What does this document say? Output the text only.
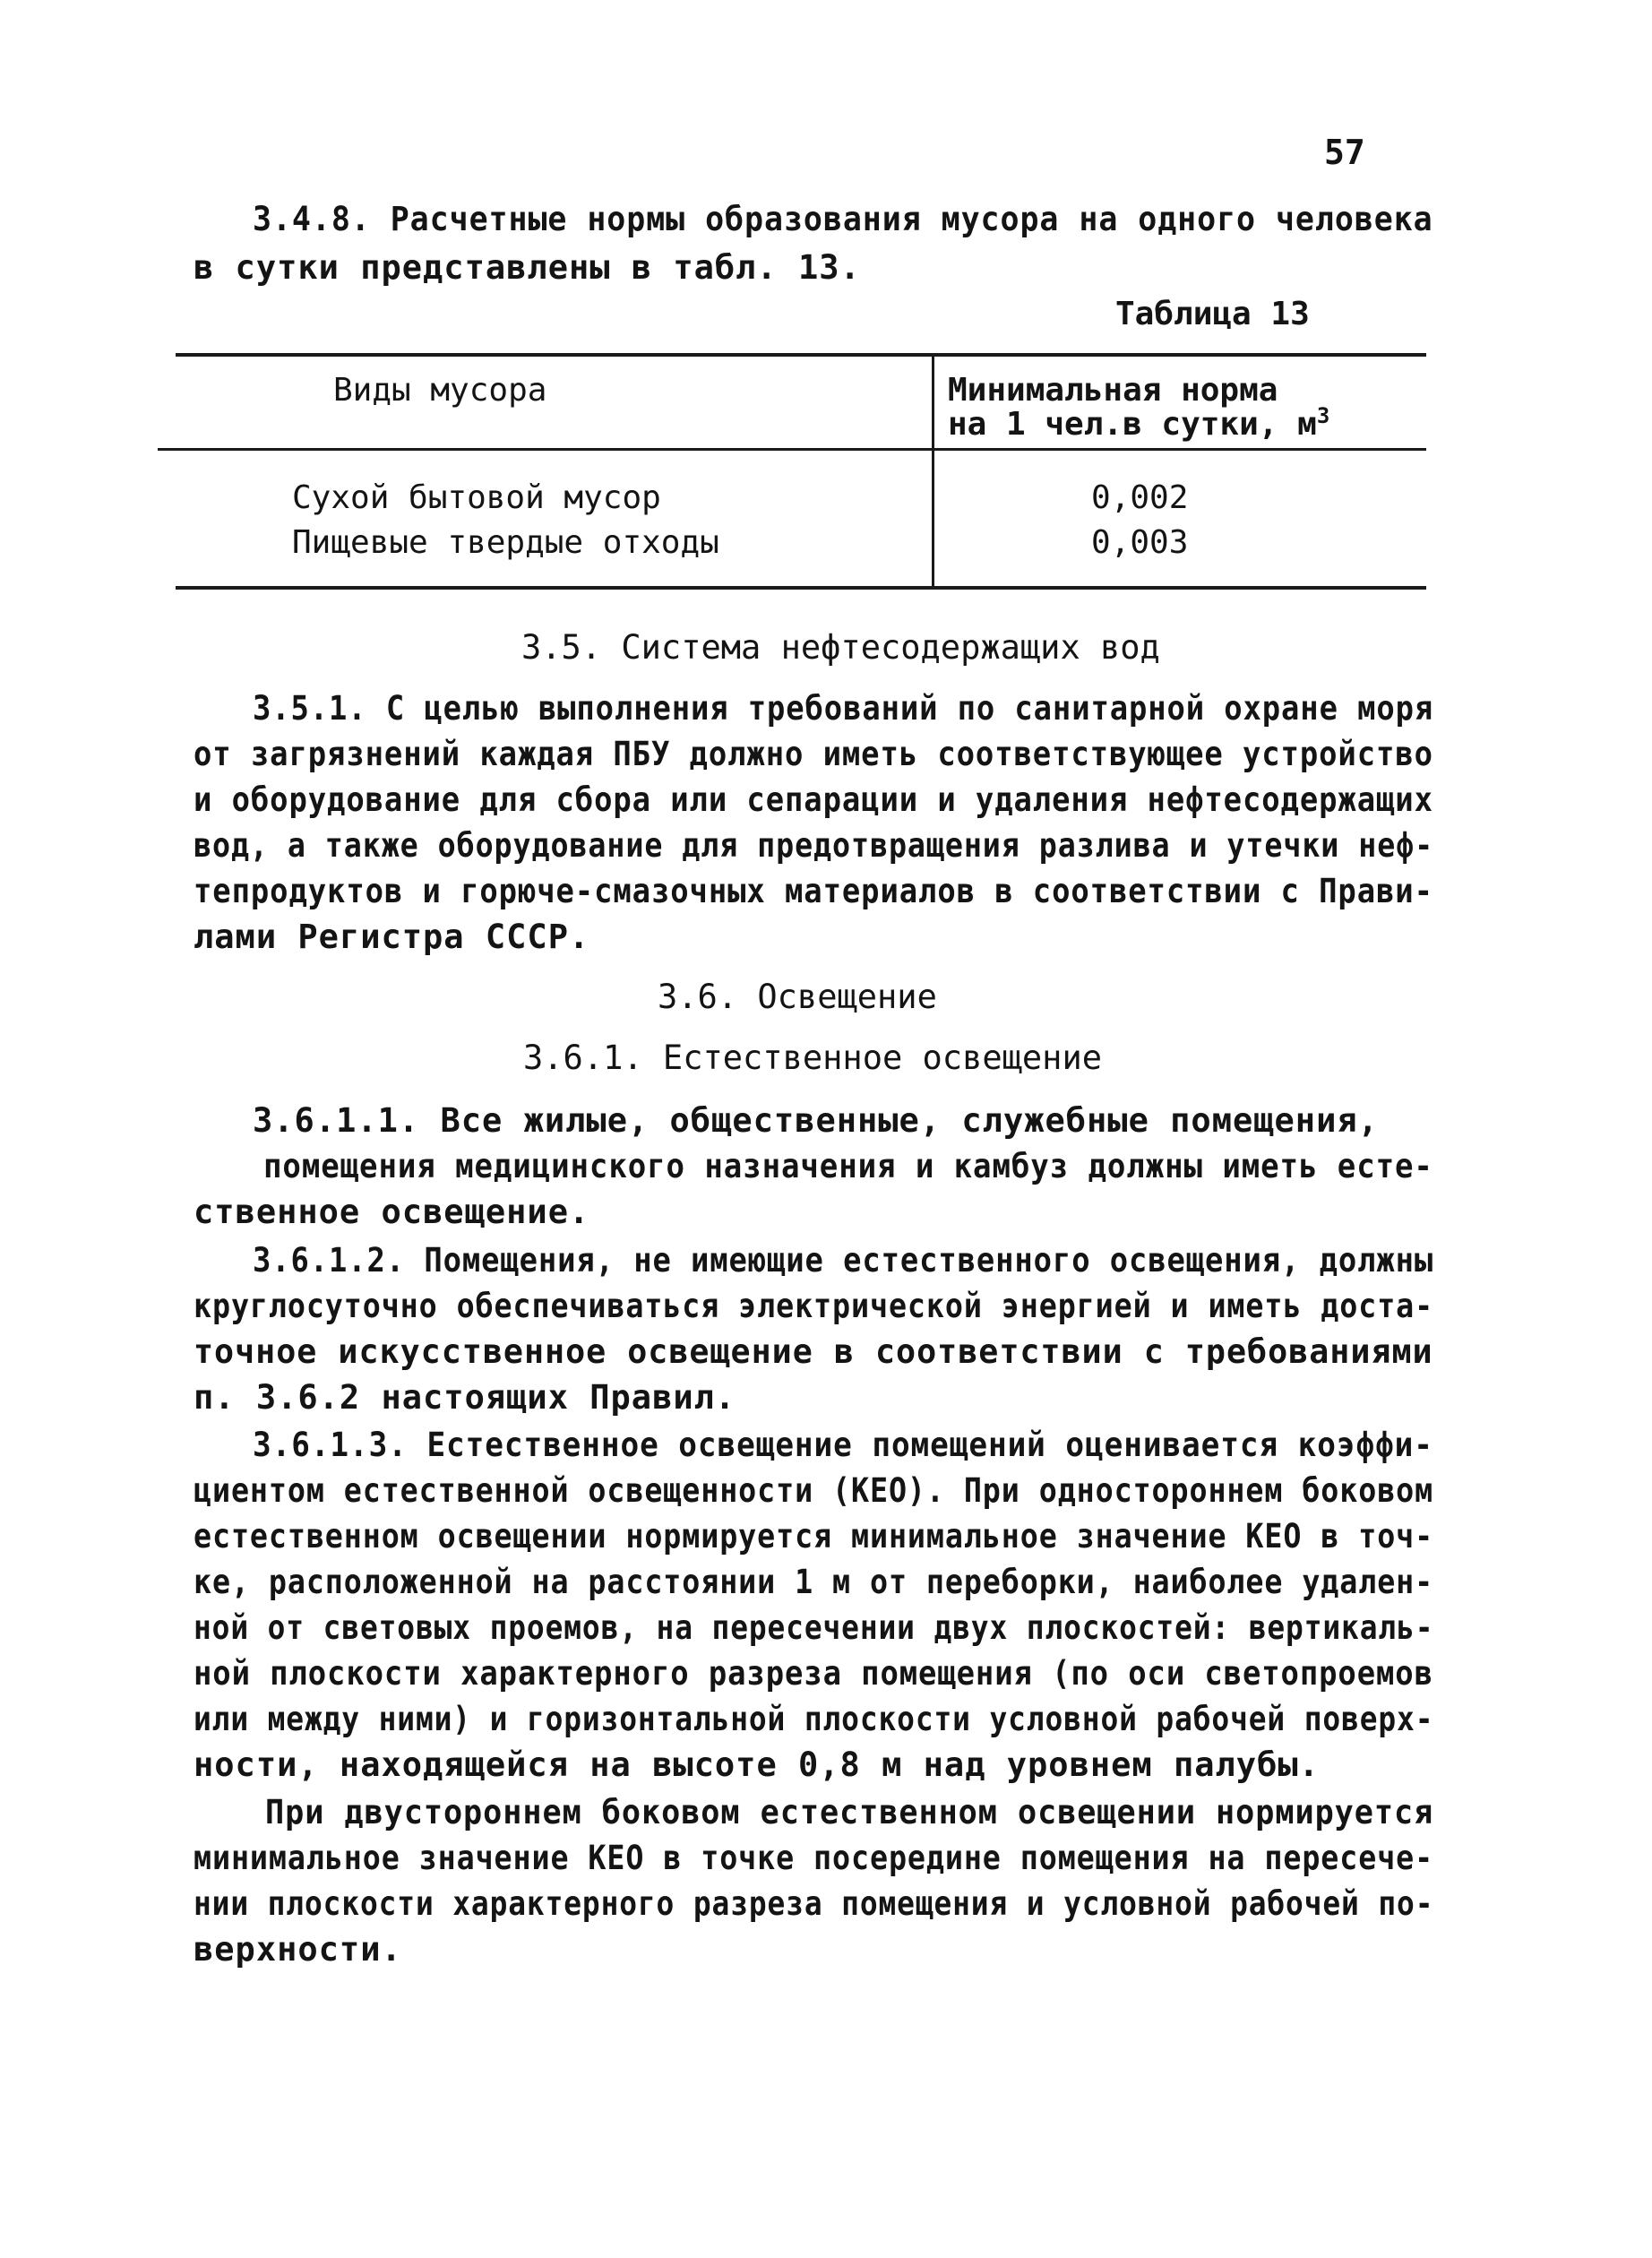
57
3.4.8. Расчетные нормы образования мусора на одного человека
в сутки представлены в табл. 13.
Таблица 13
Виды мусора	Минимальная норма
на 1 чел.в сутки, $м^3$
Сухой бытовой мусор	0,002
Пищевые твердые отходы	0,003
3.5. Система нефтесодержащих вод
3.5.1. С целью выполнения требований по санитарной охране моря
от загрязнений каждая ПБУ должно иметь соответствующее устройство
и оборудование для сбора или сепарации и удаления нефтесодержащих
вод, а также оборудование для предотвращения разлива и утечки неф-
тепродуктов и горюче-смазочных материалов в соответствии с Прави-
лами Регистра СССР.
3.6. Освещение
3.6.1. Естественное освещение
3.6.1.1. Все жилые, общественные, служебные помещения,
помещения медицинского назначения и камбуз должны иметь есте-
ственное освещение.
3.6.1.2. Помещения, не имеющие естественного освещения, должны
круглосуточно обеспечиваться электрической энергией и иметь доста-
точное искусственное освещение в соответствии с требованиями
п. 3.6.2 настоящих Правил.
3.6.1.3. Естественное освещение помещений оценивается коэффи-
циентом естественной освещенности (КЕО). При одностороннем боковом
естественном освещении нормируется минимальное значение КЕО в точ-
ке, расположенной на расстоянии 1 м от переборки, наиболее удален-
ной от световых проемов, на пересечении двух плоскостей: вертикаль-
ной плоскости характерного разреза помещения (по оси светопроемов
или между ними) и горизонтальной плоскости условной рабочей поверх-
ности, находящейся на высоте 0,8 м над уровнем палубы.
При двустороннем боковом естественном освещении нормируется
минимальное значение КЕО в точке посередине помещения на пересече-
нии плоскости характерного разреза помещения и условной рабочей по-
верхности.
